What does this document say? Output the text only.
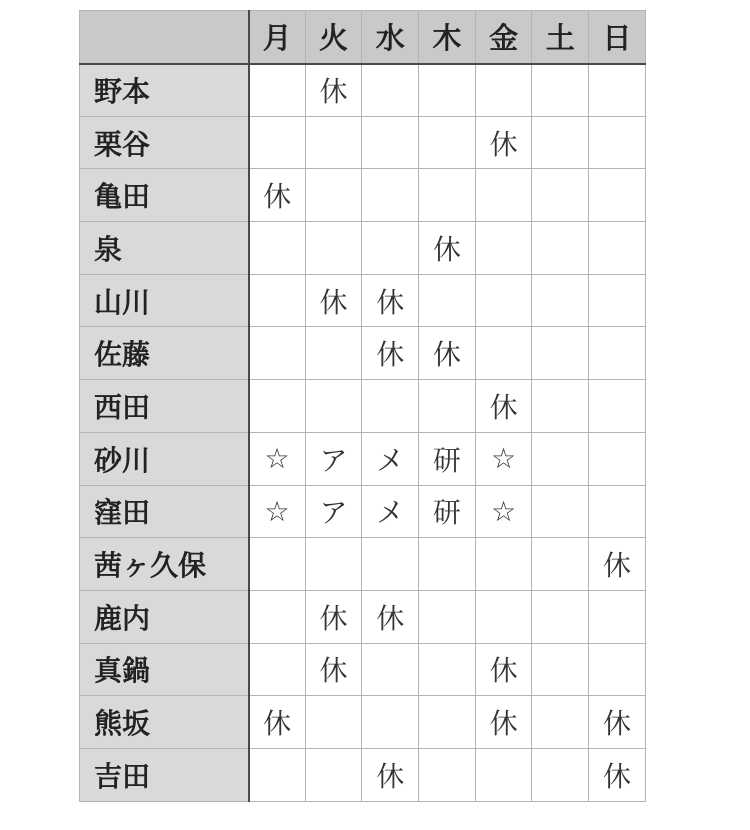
	月	火	水	木	金	土	日
野本		休					
栗谷					休		
亀田	休						
泉				休			
山川		休	休				
佐藤			休	休			
西田					休		
砂川	☆	ア	メ	研	☆		
窪田	☆	ア	メ	研	☆		
茜ヶ久保							休
鹿内		休	休				
真鍋		休			休		
熊坂	休				休		休
吉田			休				休
